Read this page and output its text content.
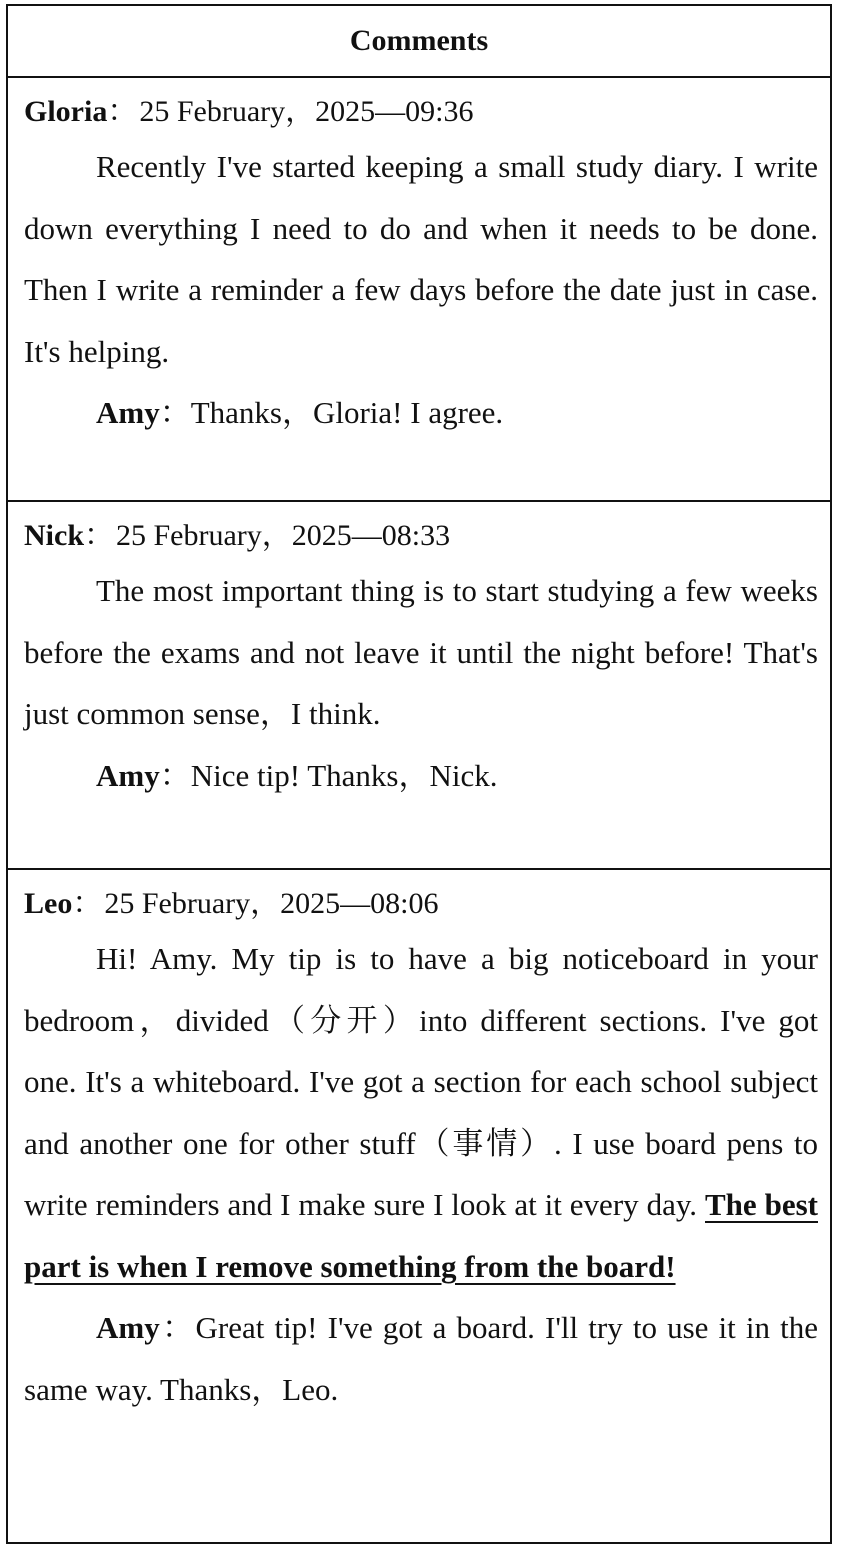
Comments
Gloria：25 February，2025—09:36

Recently I've started keeping a small study diary. I write down everything I need to do and when it needs to be done. Then I write a reminder a few days before the date just in case. It's helping.

Amy：Thanks，Gloria! I agree.

Nick：25 February，2025—08:33

The most important thing is to start studying a few weeks before the exams and not leave it until the night before! That's just common sense，I think.

Amy：Nice tip! Thanks，Nick.

Leo：25 February，2025—08:06

Hi! Amy. My tip is to have a big noticeboard in your bedroom，divided（分开）into different sections. I've got one. It's a whiteboard. I've got a section for each school subject and another one for other stuff（事情）. I use board pens to write reminders and I make sure I look at it every day. The best part is when I remove something from the board!

Amy：Great tip! I've got a board. I'll try to use it in the same way. Thanks，Leo.
